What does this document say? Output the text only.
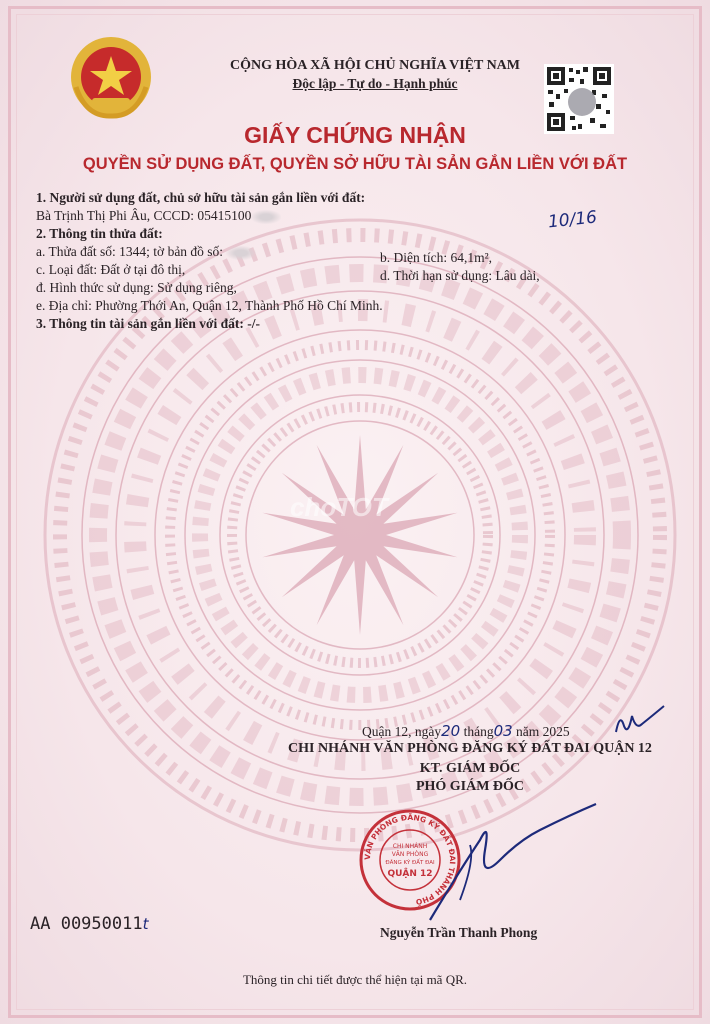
CỘNG HÒA XÃ HỘI CHỦ NGHĨA VIỆT NAM
Độc lập - Tự do - Hạnh phúc
GIẤY CHỨNG NHẬN
QUYỀN SỬ DỤNG ĐẤT, QUYỀN SỞ HỮU TÀI SẢN GẮN LIỀN VỚI ĐẤT
1. Người sử dụng đất, chủ sở hữu tài sản gắn liền với đất:
Bà Trịnh Thị Phi Âu, CCCD: 05415100	10/16
2. Thông tin thửa đất:
a. Thửa đất số: 1344; tờ bản đồ số:	b. Diện tích: 64,1m²,
c. Loại đất: Đất ở tại đô thị,	d. Thời hạn sử dụng: Lâu dài,
đ. Hình thức sử dụng: Sử dụng riêng,
e. Địa chỉ: Phường Thới An, Quận 12, Thành Phố Hồ Chí Minh.
3. Thông tin tài sản gắn liền với đất: -/-
choTOT
Quận 12, ngày20 tháng03 năm 2025
CHI NHÁNH VĂN PHÒNG ĐĂNG KÝ ĐẤT ĐAI QUẬN 12
KT. GIÁM ĐỐC
PHÓ GIÁM ĐỐC
VĂN PHÒNG ĐĂNG KÝ ĐẤT ĐAI THÀNH PHỐ
CHI NHÁNH
VĂN PHÒNG
ĐĂNG KÝ ĐẤT ĐAI
QUẬN 12
Nguyễn Trần Thanh Phong
AA 00950011t
Thông tin chi tiết được thể hiện tại mã QR.
